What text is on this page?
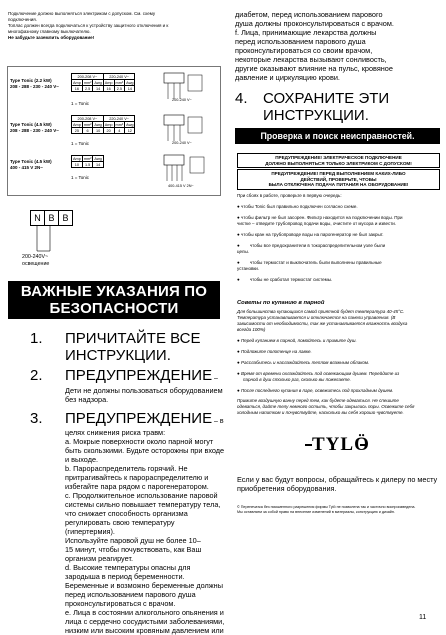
Подключение должно выполняться электриком с допуском. См. схему
подключения.
Топлас должен всегда подключаться к устройству защитного отключения и к
многофазному главному выключателю.
Не забудьте заземлить оборудование!
Type Tonic (2.2 kW)
208 - 288 - 230 - 240 V~
200-208 V~			220-240 V~		
Amp	mm²	Awg	Amp	mm²	Awg
16	2.5	14	16	2.5	14
1 = Tonic
200-240 V~
Type Tonic (4.5 kW)
208 - 288 - 230 - 240 V~
200-208 V~			220-240 V~		
Amp	mm²	Awg	Amp	mm²	Awg
25	6	10	20	4	12
1 = Tonic	200-240 V~
Type Tonic (4.5 kW)
400 - 415 V 2N~
Amp	mm²	Awg
10	1.5	14
1 = Tonic
400-415 V 2N~
N B B
200-240V~
освещение
ВАЖНЫЕ УКАЗАНИЯ ПО
БЕЗОПАСНОСТИ
1. ПРИЧИТАЙТЕ ВСЕ
ИНСТРУКЦИИ.
2. ПРЕДУПРЕЖДЕНИЕ –
Дети не должны пользоваться оборудованием
без надзора.
3. ПРЕДУПРЕЖДЕНИЕ – в
целях снижения риска травм:
а. Мокрые поверхности около парной могут
быть скользкими. Будьте осторожны при входе
и выходе.
b. Парораспределитель горячий. Не
притрагивайтесь к парораспределителю и
избегайте пара рядом с парогенератором.
c. Продолжительное использование паровой
системы сильно повышает температуру тела,
что снижает способность организма
регулировать свою температуру (гипертермия).
Используйте паровой душ не более 10–
15 минут, чтобы почувствовать, как Ваш
организм реагирует.
d. Высокие температуры опасны для
зародыша в период беременности.
Беременные и возможно беременные должны
перед использованием парового душа
проконсультироваться с врачом.
е. Лица в состоянии алкогольного опьянения и
лица с сердечно сосудистыми заболеваниями,
низким или высоким кровяным давлением или
диабетом, перед использованием парового
душа должны проконсультироваться с врачом.
f. Лица, принимающие лекарства должны
перед использованием парового душа
проконсультироваться со своим врачом,
некоторые лекарства вызывают сонливость,
другие оказывают влияние на пульс, кровяное
давление и циркуляцию крови.
4. СОХРАНИТЕ ЭТИ
ИНСТРУКЦИИ.
Проверка и поиск неисправностей.
ПРЕДУПРЕЖДЕНИЕ! ЭЛЕКТРИЧЕСКОЕ ПОДКЛЮЧЕНИЕ
ДОЛЖНО ВЫПОЛНЯТЬСЯ ТОЛЬКО ЭЛЕКТРИКОМ С ДОПУСКОМ!
ПРЕДУПРЕЖДЕНИЕ! ПЕРЕД ВЫПОЛНЕНИЕМ КАКИХ-ЛИБО
ДЕЙСТВИЙ, ПРОВЕРЬТЕ, ЧТОБЫ
БЫЛА ОТКЛЮЧЕНА ПОДАЧА ПИТАНИЯ НА ОБОРУДОВАНИЕ!
При сбоях в работе, проверьте в первую очередь:
● чтобы Tonic был правильно подключен согласно схеме.
● чтобы фильтр не был засорен. Фильтр находится на подключении воды. При
чистке – отведите трубопровод подачи воды, очистите от мусора и извести.
● чтобы кран на трубопроводе воды на парогенератор не был закрыт.
●        чтобы все предохранители в токораспределительном узле были
целы.
●        чтобы термостат и выключатель были выполнены правильные
установки.
●        чтобы не сработал термостат системы.
Советы по купанию в парной
Для большинства купающихся самой приятной будет температура 40-45°С.
Температура устанавливается и отключается на панели управления. (В
зависимости от необходимости, так же устанавливается влажность воздуха
всегда 100%)
● Перед купанием в парной, помойтесь и примите душ.
● Подложите полотенце на лавке.
● Расслабьтесь и наслаждайтесь теплом влажным облаком.
● Время от времени охлаждайтесь под освежающим душем. Перейдите из
парной в душ столько раз, сколько вы пожелаете.
● После последнего купания в паре, освежитесь под прохладным душем.
Примите воздушную ванну перед тем, как будете одеваться. Не спешите
одеваться, дайте телу немного остыть, чтобы закрылись поры. Освежите себя
холодным напитком и почувствуйте, насколько вы себя хорошо чувствуете.
TYLÖ
Если у вас будут вопросы, обращайтесь к дилеру по месту
приобретения оборудования.
© Перепечатка без письменного разрешения фирмы Tylö не позволена так и частично воспроизведена.
Мы оставляем за собой право на внесение изменений в материалы, конструкцию и дизайн.
11
